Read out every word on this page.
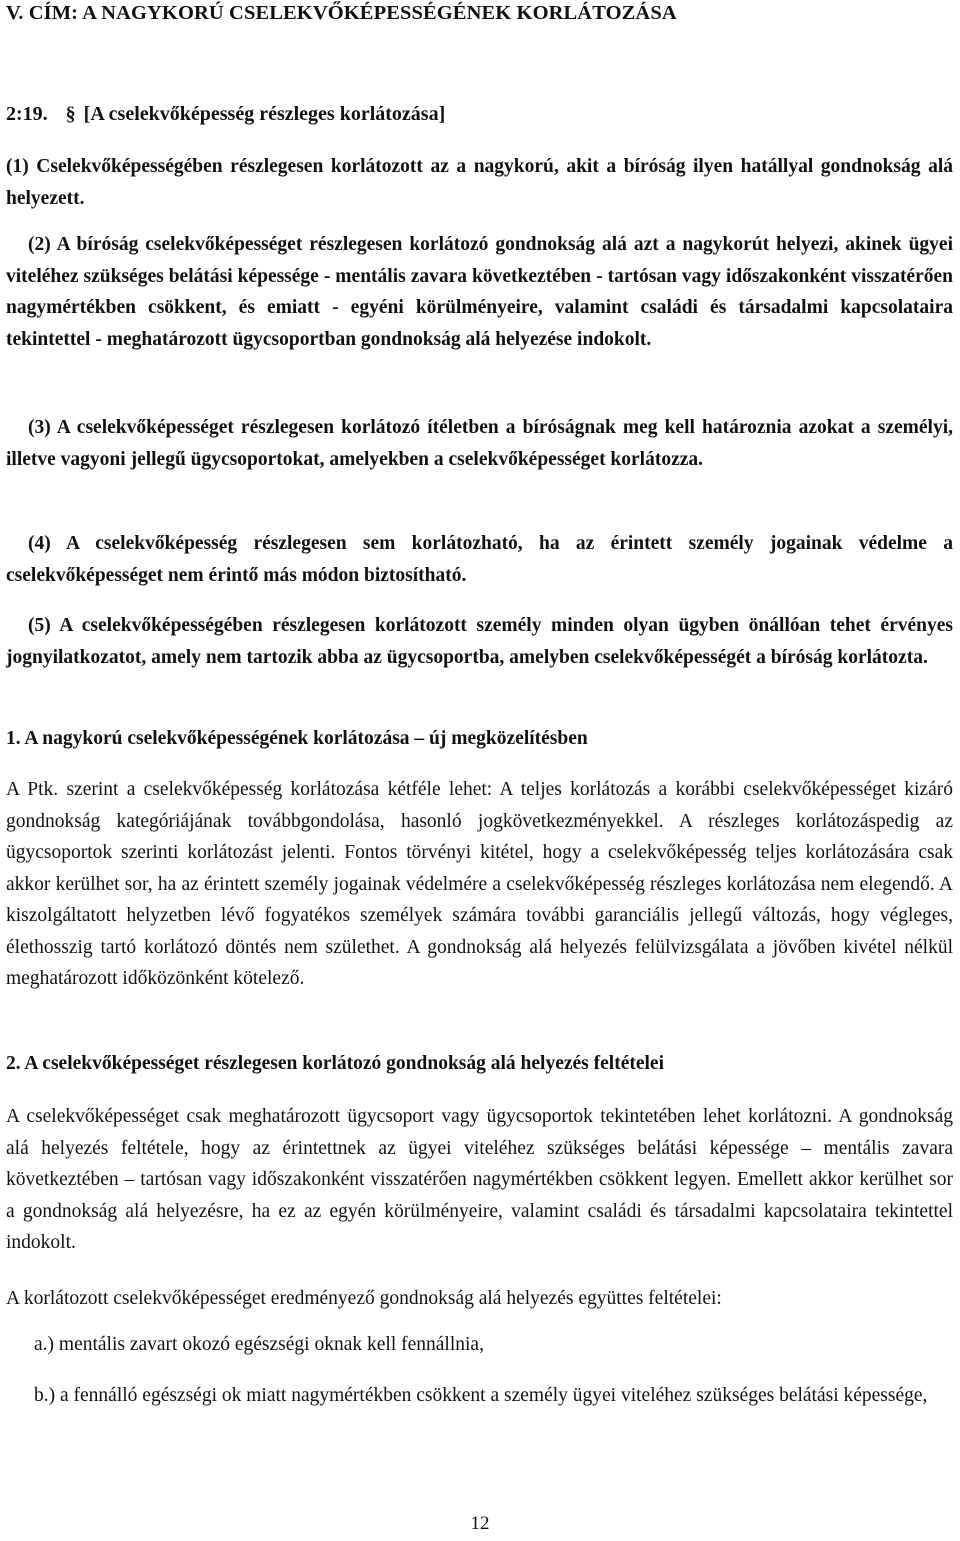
V. CÍM: A NAGYKORÚ CSELEKVŐKÉPESSÉGÉNEK KORLÁTOZÁSA
2:19. § [A cselekvőképesség részleges korlátozása]

(1) Cselekvőképességében részlegesen korlátozott az a nagykorú, akit a bíróság ilyen hatállyal gondnokság alá helyezett.

(2) A bíróság cselekvőképességet részlegesen korlátozó gondnokság alá azt a nagykorút helyezi, akinek ügyei viteléhez szükséges belátási képessége - mentális zavara következtében - tartósan vagy időszakonként visszatérően nagymértékben csökkent, és emiatt - egyéni körülményeire, valamint családi és társadalmi kapcsolataira tekintettel - meghatározott ügycsoportban gondnokság alá helyezése indokolt.

(3) A cselekvőképességet részlegesen korlátozó ítéletben a bíróságnak meg kell határoznia azokat a személyi, illetve vagyoni jellegű ügycsoportokat, amelyekben a cselekvőképességet korlátozza.

(4) A cselekvőképesség részlegesen sem korlátozható, ha az érintett személy jogainak védelme a cselekvőképességet nem érintő más módon biztosítható.

(5) A cselekvőképességében részlegesen korlátozott személy minden olyan ügyben önállóan tehet érvényes jognyilatkozatot, amely nem tartozik abba az ügycsoportba, amelyben cselekvőképességét a bíróság korlátozta.

1. A nagykorú cselekvőképességének korlátozása – új megközelítésben

A Ptk. szerint a cselekvőképesség korlátozása kétféle lehet: A teljes korlátozás a korábbi cselekvőképességet kizáró gondnokság kategóriájának továbbgondolása, hasonló jogkövetkezményekkel. A részleges korlátozáspedig az ügycsoportok szerinti korlátozást jelenti. Fontos törvényi kitétel, hogy a cselekvőképesség teljes korlátozására csak akkor kerülhet sor, ha az érintett személy jogainak védelmére a cselekvőképesség részleges korlátozása nem elegendő. A kiszolgáltatott helyzetben lévő fogyatékos személyek számára további garanciális jellegű változás, hogy végleges, élethosszig tartó korlátozó döntés nem születhet. A gondnokság alá helyezés felülvizsgálata a jövőben kivétel nélkül meghatározott időközönként kötelező.

2. A cselekvőképességet részlegesen korlátozó gondnokság alá helyezés feltételei

A cselekvőképességet csak meghatározott ügycsoport vagy ügycsoportok tekintetében lehet korlátozni. A gondnokság alá helyezés feltétele, hogy az érintettnek az ügyei viteléhez szükséges belátási képessége – mentális zavara következtében – tartósan vagy időszakonként visszatérően nagymértékben csökkent legyen. Emellett akkor kerülhet sor a gondnokság alá helyezésre, ha ez az egyén körülményeire, valamint családi és társadalmi kapcsolataira tekintettel indokolt.

A korlátozott cselekvőképességet eredményező gondnokság alá helyezés együttes feltételei:

a.) mentális zavart okozó egészségi oknak kell fennállnia,

b.) a fennálló egészségi ok miatt nagymértékben csökkent a személy ügyei viteléhez szükséges belátási képessége,

12
